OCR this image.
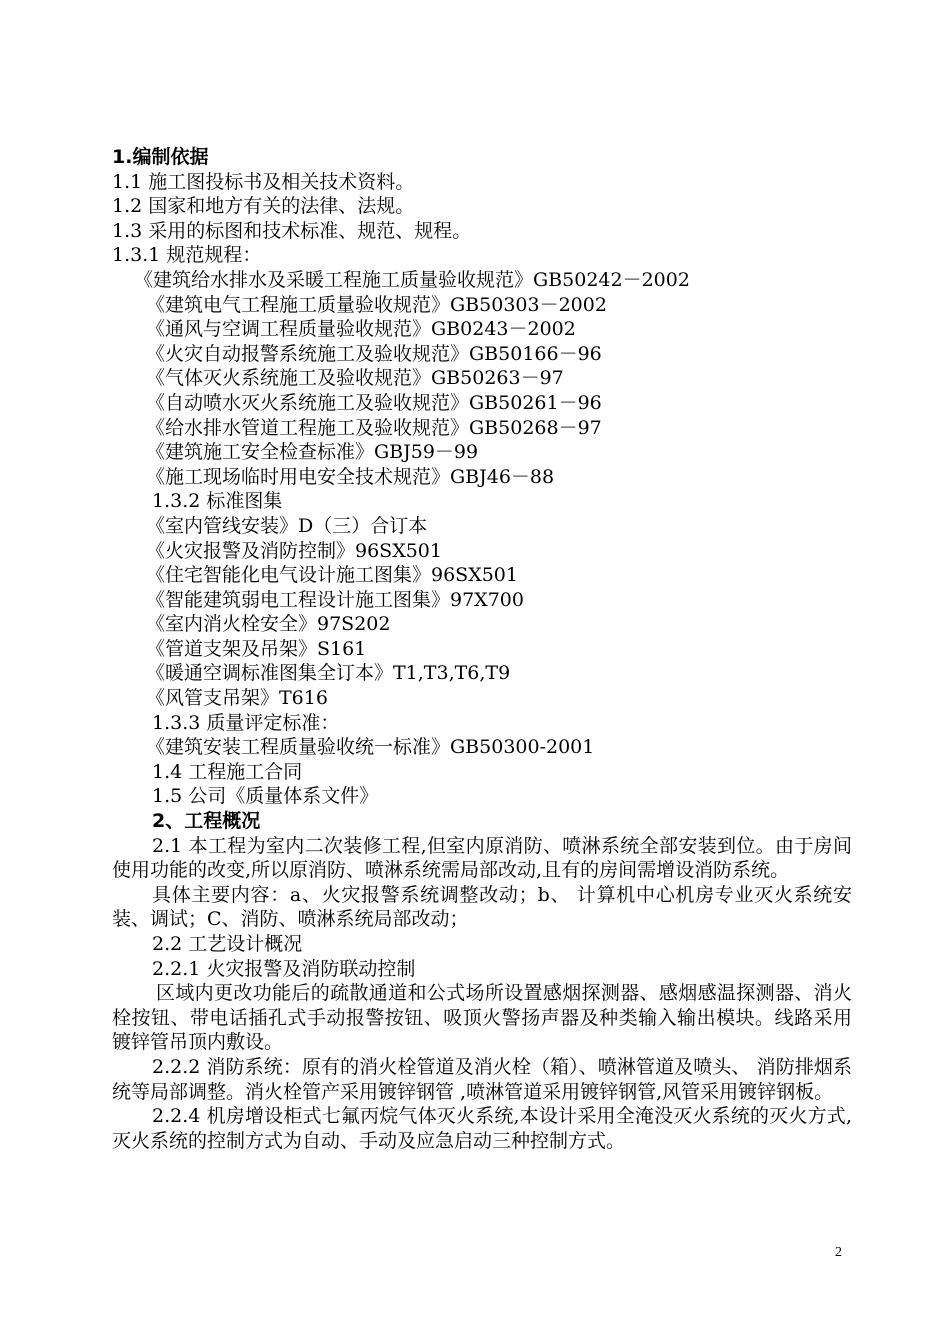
1.编制依据
1.1 施工图投标书及相关技术资料。
1.2 国家和地方有关的法律、法规。
1.3 采用的标图和技术标准、规范、规程。
1.3.1 规范规程：
《建筑给水排水及采暖工程施工质量验收规范》GB50242－2002
《建筑电气工程施工质量验收规范》GB50303－2002
《通风与空调工程质量验收规范》GB0243－2002
《火灾自动报警系统施工及验收规范》GB50166－96
《气体灭火系统施工及验收规范》GB50263－97
《自动喷水灭火系统施工及验收规范》GB50261－96
《给水排水管道工程施工及验收规范》GB50268－97
《建筑施工安全检查标准》GBJ59－99
《施工现场临时用电安全技术规范》GBJ46－88
1.3.2 标准图集
《室内管线安装》D（三）合订本
《火灾报警及消防控制》96SX501
《住宅智能化电气设计施工图集》96SX501
《智能建筑弱电工程设计施工图集》97X700
《室内消火栓安全》97S202
《管道支架及吊架》S161
《暖通空调标准图集全订本》T1,T3,T6,T9
《风管支吊架》T616
1.3.3 质量评定标准：
《建筑安装工程质量验收统一标准》GB50300-2001
1.4 工程施工合同
1.5 公司《质量体系文件》
2、工程概况
2.1 本工程为室内二次装修工程,但室内原消防、喷淋系统全部安装到位。由于房间使用功能的改变,所以原消防、喷淋系统需局部改动,且有的房间需增设消防系统。
具体主要内容：a、火灾报警系统调整改动；b、 计算机中心机房专业灭火系统安装、调试；C、消防、喷淋系统局部改动；
2.2 工艺设计概况
2.2.1 火灾报警及消防联动控制
区域内更改功能后的疏散通道和公式场所设置感烟探测器、感烟感温探测器、消火栓按钮、带电话插孔式手动报警按钮、吸顶火警扬声器及种类输入输出模块。线路采用镀锌管吊顶内敷设。
2.2.2 消防系统：原有的消火栓管道及消火栓（箱）、喷淋管道及喷头、 消防排烟系统等局部调整。消火栓管产采用镀锌钢管 ,喷淋管道采用镀锌钢管,风管采用镀锌钢板。
2.2.4 机房增设柜式七氟丙烷气体灭火系统,本设计采用全淹没灭火系统的灭火方式,灭火系统的控制方式为自动、手动及应急启动三种控制方式。
2
